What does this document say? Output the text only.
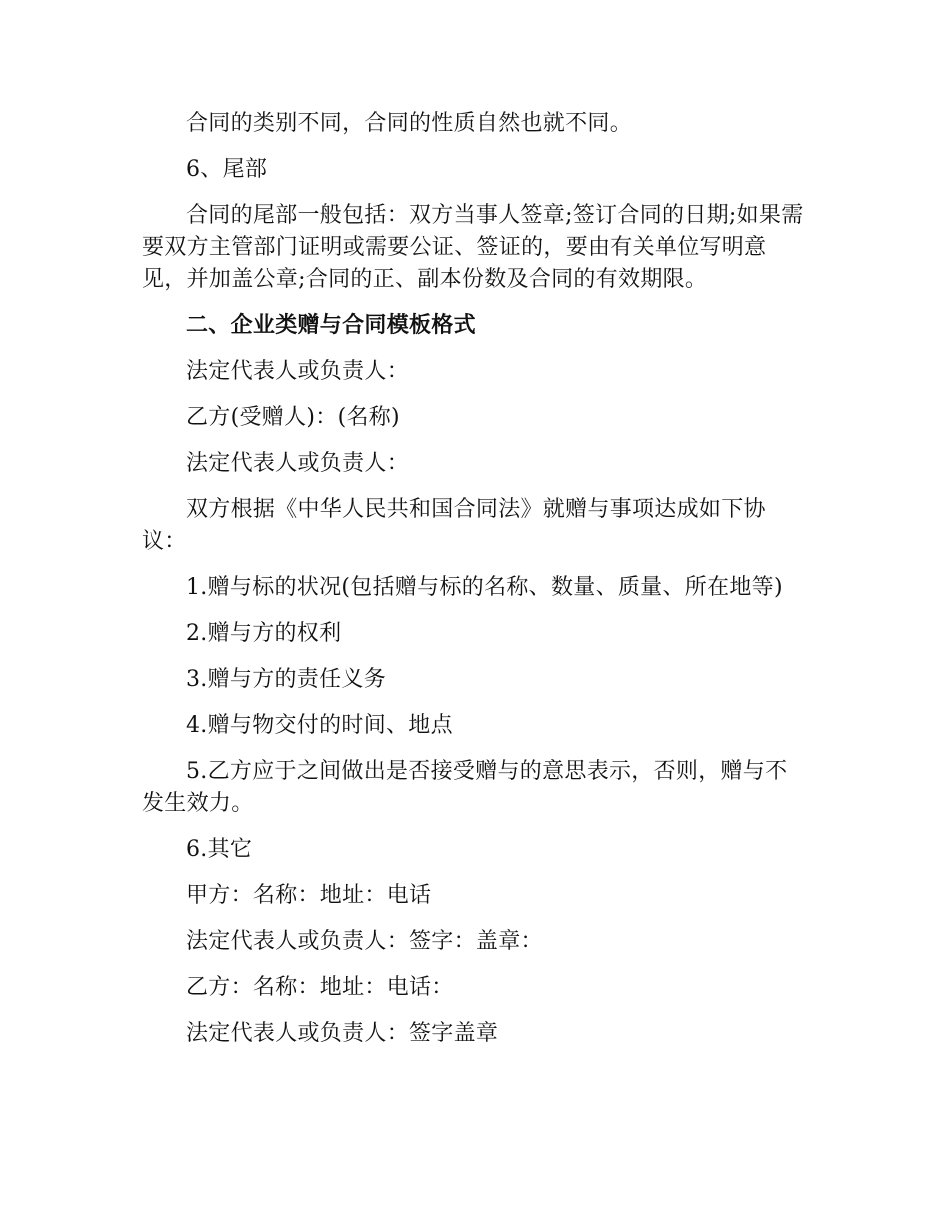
合同的类别不同，合同的性质自然也就不同。

6、尾部

合同的尾部一般包括：双方当事人签章;签订合同的日期;如果需要双方主管部门证明或需要公证、签证的，要由有关单位写明意见，并加盖公章;合同的正、副本份数及合同的有效期限。

二、企业类赠与合同模板格式

法定代表人或负责人：

乙方(受赠人)：(名称)

法定代表人或负责人：

双方根据《中华人民共和国合同法》就赠与事项达成如下协议：

1.赠与标的状况(包括赠与标的名称、数量、质量、所在地等)

2.赠与方的权利

3.赠与方的责任义务

4.赠与物交付的时间、地点

5.乙方应于之间做出是否接受赠与的意思表示，否则，赠与不发生效力。

6.其它

甲方：名称：地址：电话

法定代表人或负责人：签字：盖章：

乙方：名称：地址：电话：

法定代表人或负责人：签字盖章
